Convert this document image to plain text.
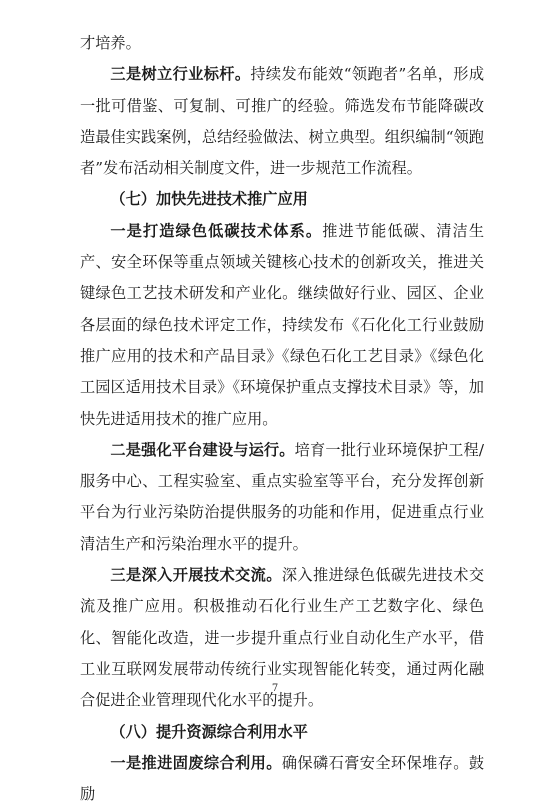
才培养。

三是树立行业标杆。持续发布能效“领跑者”名单，形成一批可借鉴、可复制、可推广的经验。筛选发布节能降碳改造最佳实践案例，总结经验做法、树立典型。组织编制“领跑者”发布活动相关制度文件，进一步规范工作流程。

（七）加快先进技术推广应用

一是打造绿色低碳技术体系。推进节能低碳、清洁生产、安全环保等重点领域关键核心技术的创新攻关，推进关键绿色工艺技术研发和产业化。继续做好行业、园区、企业各层面的绿色技术评定工作，持续发布《石化化工行业鼓励推广应用的技术和产品目录》《绿色石化工艺目录》《绿色化工园区适用技术目录》《环境保护重点支撑技术目录》等，加快先进适用技术的推广应用。

二是强化平台建设与运行。培育一批行业环境保护工程/服务中心、工程实验室、重点实验室等平台，充分发挥创新平台为行业污染防治提供服务的功能和作用，促进重点行业清洁生产和污染治理水平的提升。

三是深入开展技术交流。深入推进绿色低碳先进技术交流及推广应用。积极推动石化行业生产工艺数字化、绿色化、智能化改造，进一步提升重点行业自动化生产水平，借工业互联网发展带动传统行业实现智能化转变，通过两化融合促进企业管理现代化水平的提升。

（八）提升资源综合利用水平

一是推进固废综合利用。确保磷石膏安全环保堆存。鼓励

7
